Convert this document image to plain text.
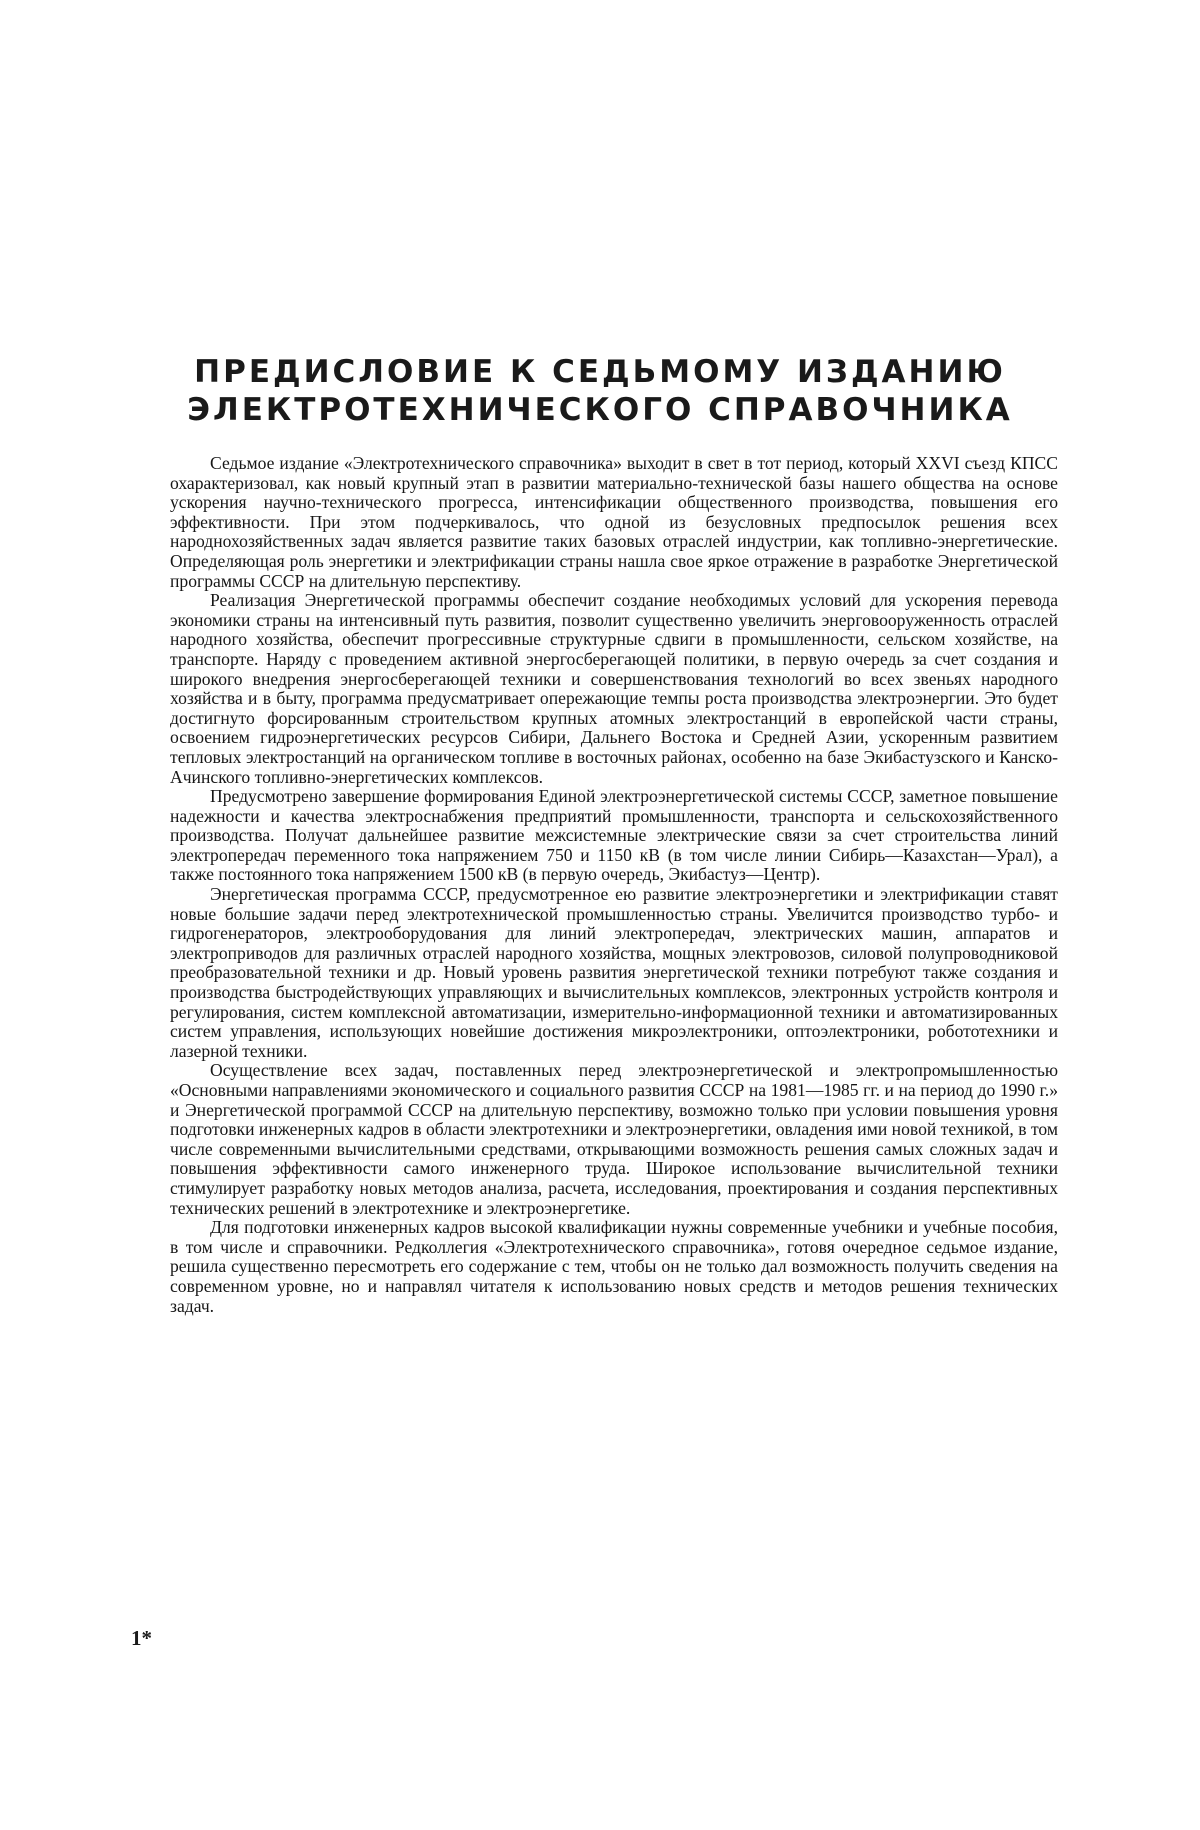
ПРЕДИСЛОВИЕ К СЕДЬМОМУ ИЗДАНИЮ
ЭЛЕКТРОТЕХНИЧЕСКОГО СПРАВОЧНИКА

Седьмое издание «Электротехнического справочника» выходит в свет в тот период, который XXVI съезд КПСС охарактеризовал, как новый крупный этап в развитии материально-технической базы нашего общества на основе ускорения научно-технического прогресса, интенсификации общественного производства, повышения его эффективности. При этом подчеркивалось, что одной из безусловных предпосылок решения всех народнохозяйственных задач является развитие таких базовых отраслей индустрии, как топливно-энергетические. Определяющая роль энергетики и электрификации страны нашла свое яркое отражение в разработке Энергетической программы СССР на длительную перспективу.

Реализация Энергетической программы обеспечит создание необходимых условий для ускорения перевода экономики страны на интенсивный путь развития, позволит существенно увеличить энерговооруженность отраслей народного хозяйства, обеспечит прогрессивные структурные сдвиги в промышленности, сельском хозяйстве, на транспорте. Наряду с проведением активной энергосберегающей политики, в первую очередь за счет создания и широкого внедрения энергосберегающей техники и совершенствования технологий во всех звеньях народного хозяйства и в быту, программа предусматривает опережающие темпы роста производства электроэнергии. Это будет достигнуто форсированным строительством крупных атомных электростанций в европейской части страны, освоением гидроэнергетических ресурсов Сибири, Дальнего Востока и Средней Азии, ускоренным развитием тепловых электростанций на органическом топливе в восточных районах, особенно на базе Экибастузского и Канско-Ачинского топливно-энергетических комплексов.

Предусмотрено завершение формирования Единой электроэнергетической системы СССР, заметное повышение надежности и качества электроснабжения предприятий промышленности, транспорта и сельскохозяйственного производства. Получат дальнейшее развитие межсистемные электрические связи за счет строительства линий электропередач переменного тока напряжением 750 и 1150 кВ (в том числе линии Сибирь—Казахстан—Урал), а также постоянного тока напряжением 1500 кВ (в первую очередь, Экибастуз—Центр).

Энергетическая программа СССР, предусмотренное ею развитие электроэнергетики и электрификации ставят новые большие задачи перед электротехнической промышленностью страны. Увеличится производство турбо- и гидрогенераторов, электрооборудования для линий электропередач, электрических машин, аппаратов и электроприводов для различных отраслей народного хозяйства, мощных электровозов, силовой полупроводниковой преобразовательной техники и др. Новый уровень развития энергетической техники потребуют также создания и производства быстродействующих управляющих и вычислительных комплексов, электронных устройств контроля и регулирования, систем комплексной автоматизации, измерительно-информационной техники и автоматизированных систем управления, использующих новейшие достижения микроэлектроники, оптоэлектроники, робототехники и лазерной техники.

Осуществление всех задач, поставленных перед электроэнергетической и электропромышленностью «Основными направлениями экономического и социального развития СССР на 1981—1985 гг. и на период до 1990 г.» и Энергетической программой СССР на длительную перспективу, возможно только при условии повышения уровня подготовки инженерных кадров в области электротехники и электроэнергетики, овладения ими новой техникой, в том числе современными вычислительными средствами, открывающими возможность решения самых сложных задач и повышения эффективности самого инженерного труда. Широкое использование вычислительной техники стимулирует разработку новых методов анализа, расчета, исследования, проектирования и создания перспективных технических решений в электротехнике и электроэнергетике.

Для подготовки инженерных кадров высокой квалификации нужны современные учебники и учебные пособия, в том числе и справочники. Редколлегия «Электротехнического справочника», готовя очередное седьмое издание, решила существенно пересмотреть его содержание с тем, чтобы он не только дал возможность получить сведения на современном уровне, но и направлял читателя к использованию новых средств и методов решения технических задач.

1*
